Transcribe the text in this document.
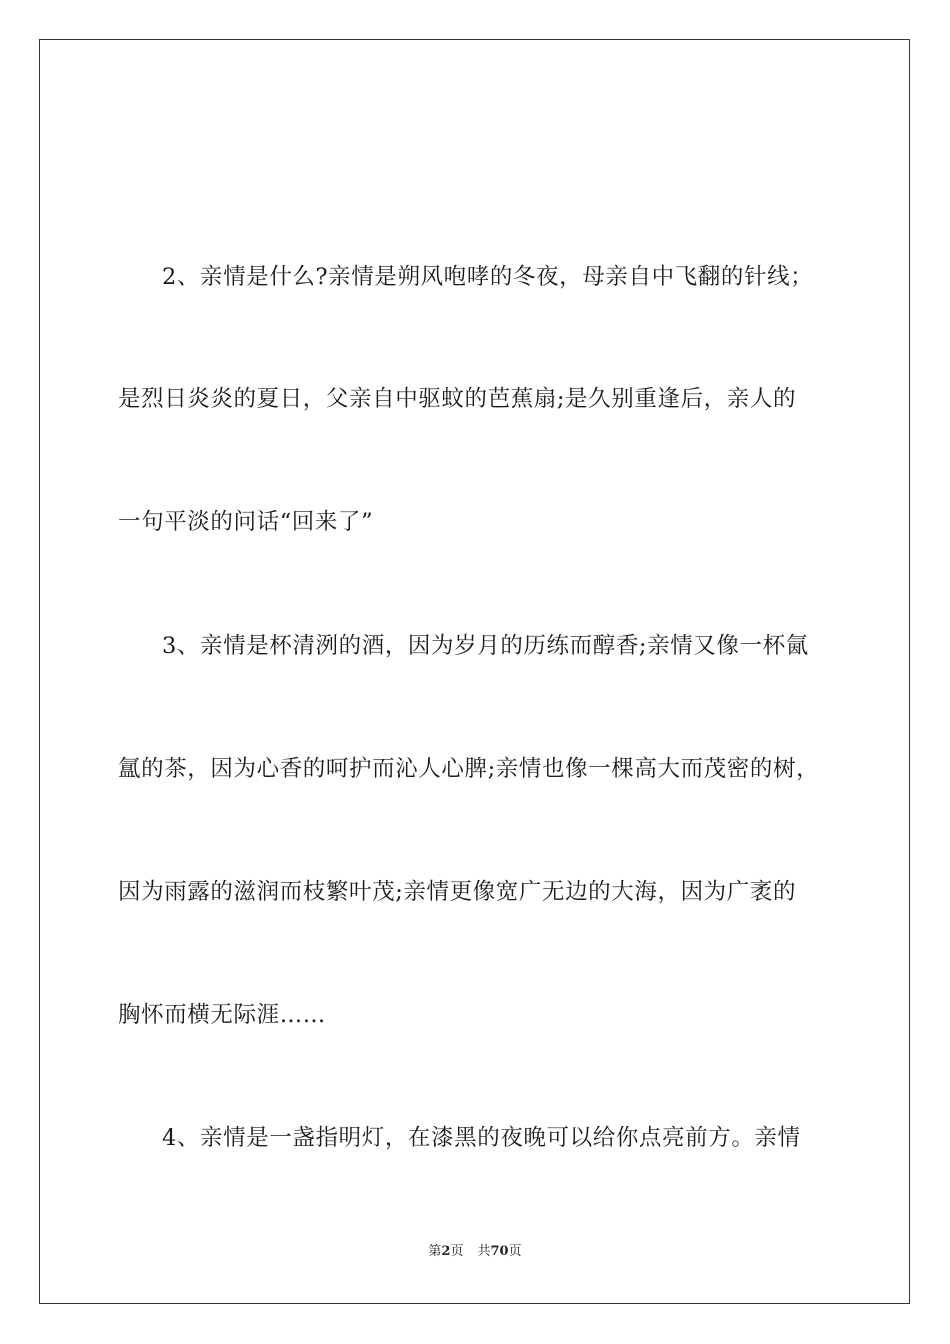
2、亲情是什么?亲情是朔风咆哮的冬夜，母亲自中飞翻的针线；
是烈日炎炎的夏日，父亲自中驱蚊的芭蕉扇;是久别重逢后，亲人的
一句平淡的问话“回来了”
3、亲情是杯清洌的酒，因为岁月的历练而醇香;亲情又像一杯氤
氲的茶，因为心香的呵护而沁人心脾;亲情也像一棵高大而茂密的树，
因为雨露的滋润而枝繁叶茂;亲情更像宽广无边的大海，因为广袤的
胸怀而横无际涯……
4、亲情是一盏指明灯，在漆黑的夜晚可以给你点亮前方。亲情
第2页 共70页
